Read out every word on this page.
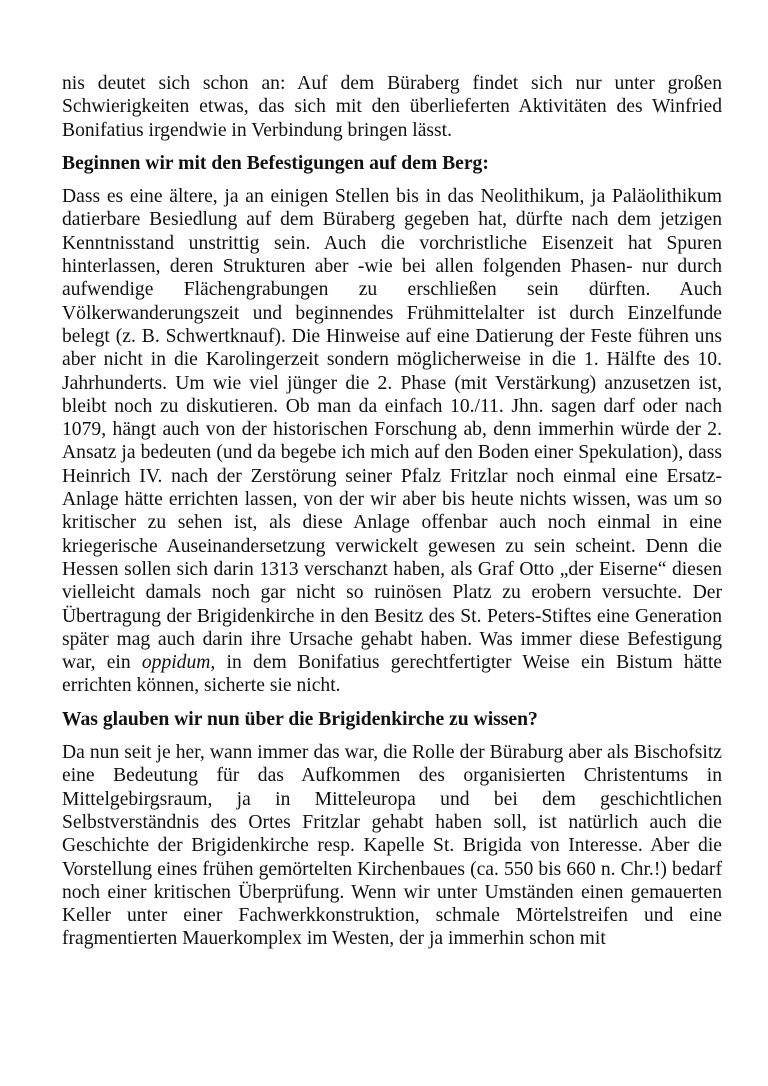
nis deutet sich schon an: Auf dem Büraberg findet sich nur unter großen Schwierigkeiten etwas, das sich mit den überlieferten Aktivitäten des Winfried Bonifatius irgendwie in Verbindung bringen lässt.

Beginnen wir mit den Befestigungen auf dem Berg:

Dass es eine ältere, ja an einigen Stellen bis in das Neolithikum, ja Paläolithikum datierbare Besiedlung auf dem Büraberg gegeben hat, dürfte nach dem jetzigen Kenntnisstand unstrittig sein. Auch die vorchristliche Eisenzeit hat Spuren hinterlassen, deren Strukturen aber -wie bei allen folgenden Phasen- nur durch aufwendige Flächengrabungen zu erschließen sein dürften. Auch Völkerwanderungszeit und beginnendes Frühmittelalter ist durch Einzelfunde belegt (z. B. Schwertknauf). Die Hinweise auf eine Datierung der Feste führen uns aber nicht in die Karolingerzeit sondern möglicherweise in die 1. Hälfte des 10. Jahrhunderts. Um wie viel jünger die 2. Phase (mit Verstärkung) anzusetzen ist, bleibt noch zu diskutieren. Ob man da einfach 10./11. Jhn. sagen darf oder nach 1079, hängt auch von der historischen Forschung ab, denn immerhin würde der 2. Ansatz ja bedeuten (und da begebe ich mich auf den Boden einer Spekulation), dass Heinrich IV. nach der Zerstörung seiner Pfalz Fritzlar noch einmal eine Ersatz-Anlage hätte errichten lassen, von der wir aber bis heute nichts wissen, was um so kritischer zu sehen ist, als diese Anlage offenbar auch noch einmal in eine kriegerische Auseinandersetzung verwickelt gewesen zu sein scheint. Denn die Hessen sollen sich darin 1313 verschanzt haben, als Graf Otto „der Eiserne“ diesen vielleicht damals noch gar nicht so ruinösen Platz zu erobern versuchte. Der Übertragung der Brigidenkirche in den Besitz des St. Peters-Stiftes eine Generation später mag auch darin ihre Ursache gehabt haben. Was immer diese Befestigung war, ein oppidum, in dem Bonifatius gerechtfertigter Weise ein Bistum hätte errichten können, sicherte sie nicht.

Was glauben wir nun über die Brigidenkirche zu wissen?

Da nun seit je her, wann immer das war, die Rolle der Büraburg aber als Bischofsitz eine Bedeutung für das Aufkommen des organisierten Christentums in Mittelgebirgsraum, ja in Mitteleuropa und bei dem geschichtlichen Selbstverständnis des Ortes Fritzlar gehabt haben soll, ist natürlich auch die Geschichte der Brigidenkirche resp. Kapelle St. Brigida von Interesse. Aber die Vorstellung eines frühen gemörtelten Kirchenbaues (ca. 550 bis 660 n. Chr.!) bedarf noch einer kritischen Überprüfung. Wenn wir unter Umständen einen gemauerten Keller unter einer Fachwerkkonstruktion, schmale Mörtelstreifen und eine fragmentierten Mauerkomplex im Westen, der ja immerhin schon mit
